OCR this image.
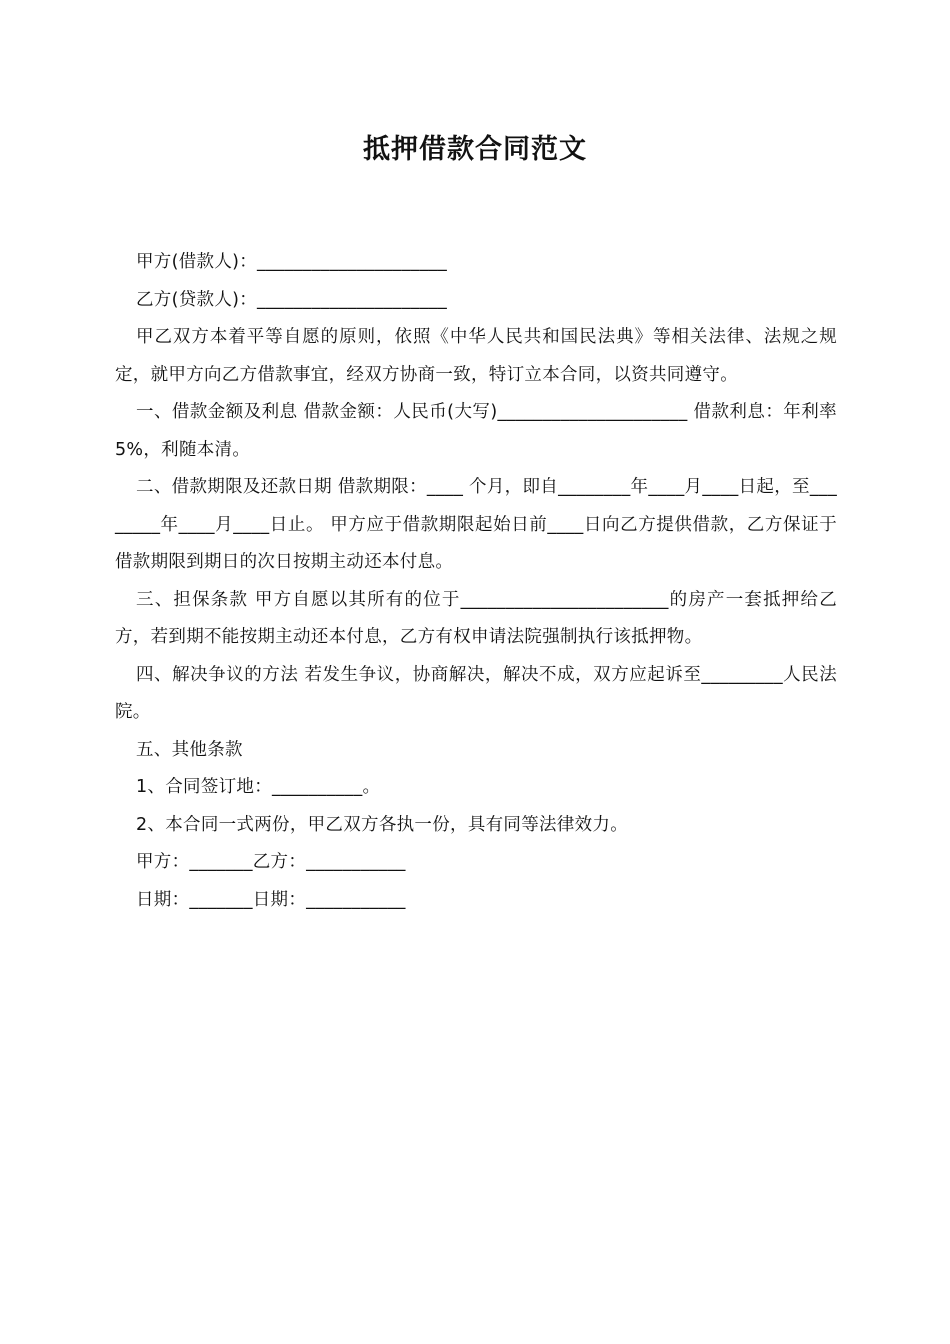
抵押借款合同范文

甲方(借款人)：_____________________

乙方(贷款人)：_____________________

甲乙双方本着平等自愿的原则，依照《中华人民共和国民法典》等相关法律、法规之规定，就甲方向乙方借款事宜，经双方协商一致，特订立本合同，以资共同遵守。

一、借款金额及利息 借款金额：人民币(大写)_____________________ 借款利息：年利率5%，利随本清。

二、借款期限及还款日期 借款期限：____ 个月，即自________年____月____日起，至________年____月____日止。 甲方应于借款期限起始日前____日向乙方提供借款，乙方保证于借款期限到期日的次日按期主动还本付息。

三、担保条款 甲方自愿以其所有的位于_______________________的房产一套抵押给乙方，若到期不能按期主动还本付息，乙方有权申请法院强制执行该抵押物。

四、解决争议的方法 若发生争议，协商解决，解决不成，双方应起诉至_________人民法院。

五、其他条款

1、合同签订地：__________。

2、本合同一式两份，甲乙双方各执一份，具有同等法律效力。

甲方：_______乙方：___________

日期：_______日期：___________
